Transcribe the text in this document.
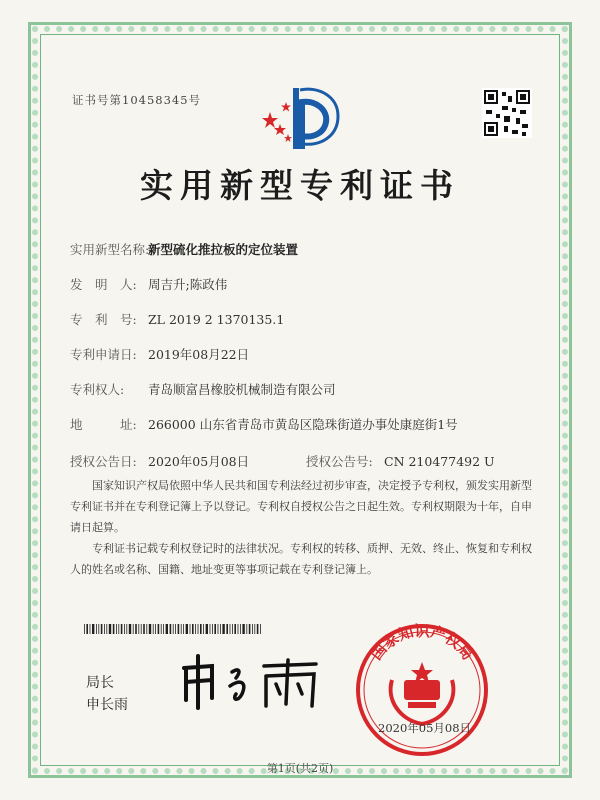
证书号第10458345号
实用新型专利证书
实用新型名称:新型硫化推拉板的定位装置
发　明　人: 周吉升;陈政伟
专　利　号: ZL 2019 2 1370135.1
专利申请日: 2019年08月22日
专利权人: 青岛顺富昌橡胶机械制造有限公司
地　　　址: 266000 山东省青岛市黄岛区隐珠街道办事处康庭街1号
授权公告日: 2020年05月08日	授权公告号: CN 210477492 U
国家知识产权局依照中华人民共和国专利法经过初步审查，决定授予专利权，颁发实用新型专利证书并在专利登记簿上予以登记。专利权自授权公告之日起生效。专利权期限为十年，自申请日起算。
专利证书记载专利权登记时的法律状况。专利权的转移、质押、无效、终止、恢复和专利权人的姓名或名称、国籍、地址变更等事项记载在专利登记簿上。
局长
申长雨
国家知识产权局
2020年05月08日
第1页(共2页)
